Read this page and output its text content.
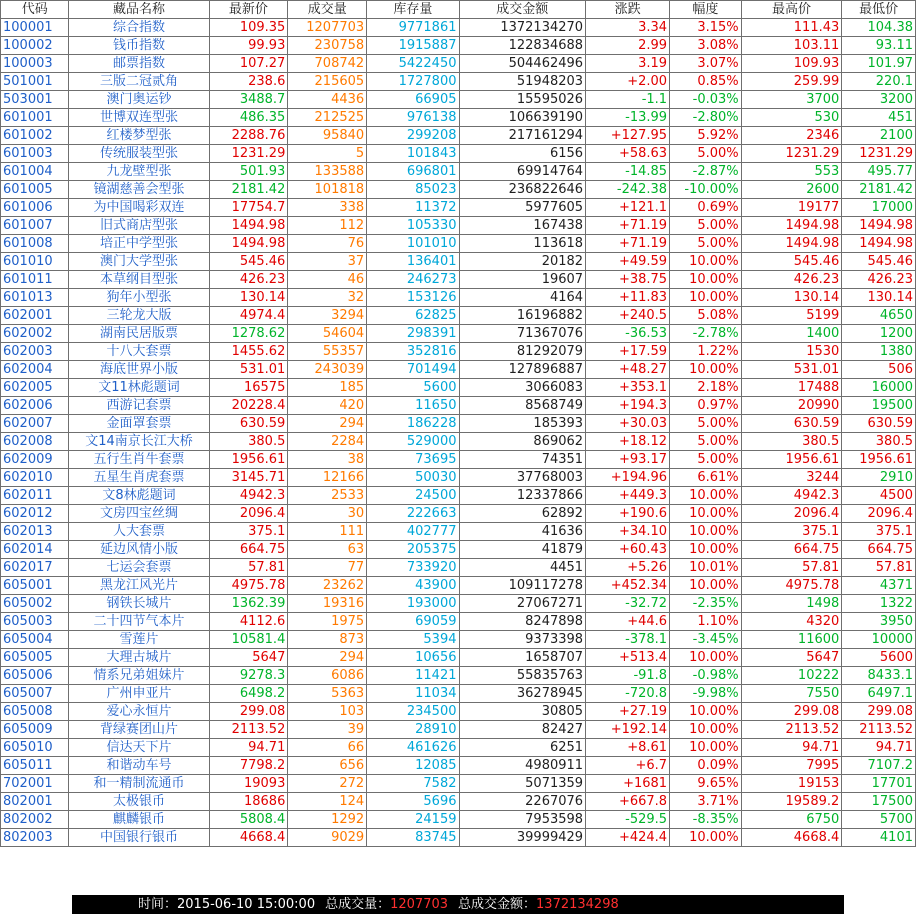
代码	藏品名称	最新价	成交量	库存量	成交金额	涨跌	幅度	最高价	最低价
100001	综合指数	109.35	1207703	9771861	1372134270	3.34	3.15%	111.43	104.38
100002	钱币指数	99.93	230758	1915887	122834688	2.99	3.08%	103.11	93.11
100003	邮票指数	107.27	708742	5422450	504462496	3.19	3.07%	109.93	101.97
501001	三版二冠贰角	238.6	215605	1727800	51948203	+2.00	0.85%	259.99	220.1
503001	澳门奥运钞	3488.7	4436	66905	15595026	-1.1	-0.03%	3700	3200
601001	世博双连型张	486.35	212525	976138	106639190	-13.99	-2.80%	530	451
601002	红楼梦型张	2288.76	95840	299208	217161294	+127.95	5.92%	2346	2100
601003	传统服装型张	1231.29	5	101843	6156	+58.63	5.00%	1231.29	1231.29
601004	九龙壁型张	501.93	133588	696801	69914764	-14.85	-2.87%	553	495.77
601005	镜湖慈善会型张	2181.42	101818	85023	236822646	-242.38	-10.00%	2600	2181.42
601006	为中国喝彩双连	17754.7	338	11372	5977605	+121.1	0.69%	19177	17000
601007	旧式商店型张	1494.98	112	105330	167438	+71.19	5.00%	1494.98	1494.98
601008	培正中学型张	1494.98	76	101010	113618	+71.19	5.00%	1494.98	1494.98
601010	澳门大学型张	545.46	37	136401	20182	+49.59	10.00%	545.46	545.46
601011	本草纲目型张	426.23	46	246273	19607	+38.75	10.00%	426.23	426.23
601013	狗年小型张	130.14	32	153126	4164	+11.83	10.00%	130.14	130.14
602001	三轮龙大版	4974.4	3294	62825	16196882	+240.5	5.08%	5199	4650
602002	湖南民居版票	1278.62	54604	298391	71367076	-36.53	-2.78%	1400	1200
602003	十八大套票	1455.62	55357	352816	81292079	+17.59	1.22%	1530	1380
602004	海底世界小版	531.01	243039	701494	127896887	+48.27	10.00%	531.01	506
602005	文11林彪题词	16575	185	5600	3066083	+353.1	2.18%	17488	16000
602006	西游记套票	20228.4	420	11650	8568749	+194.3	0.97%	20990	19500
602007	金面罩套票	630.59	294	186228	185393	+30.03	5.00%	630.59	630.59
602008	文14南京长江大桥	380.5	2284	529000	869062	+18.12	5.00%	380.5	380.5
602009	五行生肖牛套票	1956.61	38	73695	74351	+93.17	5.00%	1956.61	1956.61
602010	五星生肖虎套票	3145.71	12166	50030	37768003	+194.96	6.61%	3244	2910
602011	文8林彪题词	4942.3	2533	24500	12337866	+449.3	10.00%	4942.3	4500
602012	文房四宝丝绸	2096.4	30	222663	62892	+190.6	10.00%	2096.4	2096.4
602013	人大套票	375.1	111	402777	41636	+34.10	10.00%	375.1	375.1
602014	延边风情小版	664.75	63	205375	41879	+60.43	10.00%	664.75	664.75
602017	七运会套票	57.81	77	733920	4451	+5.26	10.01%	57.81	57.81
605001	黑龙江风光片	4975.78	23262	43900	109117278	+452.34	10.00%	4975.78	4371
605002	钢铁长城片	1362.39	19316	193000	27067271	-32.72	-2.35%	1498	1322
605003	二十四节气本片	4112.6	1975	69059	8247898	+44.6	1.10%	4320	3950
605004	雪莲片	10581.4	873	5394	9373398	-378.1	-3.45%	11600	10000
605005	大理古城片	5647	294	10656	1658707	+513.4	10.00%	5647	5600
605006	情系兄弟姐妹片	9278.3	6086	11421	55835763	-91.8	-0.98%	10222	8433.1
605007	广州申亚片	6498.2	5363	11034	36278945	-720.8	-9.98%	7550	6497.1
605008	爱心永恒片	299.08	103	234500	30805	+27.19	10.00%	299.08	299.08
605009	背绿赛团山片	2113.52	39	28910	82427	+192.14	10.00%	2113.52	2113.52
605010	信达天下片	94.71	66	461626	6251	+8.61	10.00%	94.71	94.71
605011	和谐动车号	7798.2	656	12085	4980911	+6.7	0.09%	7995	7107.2
702001	和一精制流通币	19093	272	7582	5071359	+1681	9.65%	19153	17701
802001	太极银币	18686	124	5696	2267076	+667.8	3.71%	19589.2	17500
802002	麒麟银币	5808.4	1292	24159	7953598	-529.5	-8.35%	6750	5700
802003	中国银行银币	4668.4	9029	83745	39999429	+424.4	10.00%	4668.4	4101
时间：2015-06-10 15:00:00 总成交量：1207703 总成交金额：1372134298
